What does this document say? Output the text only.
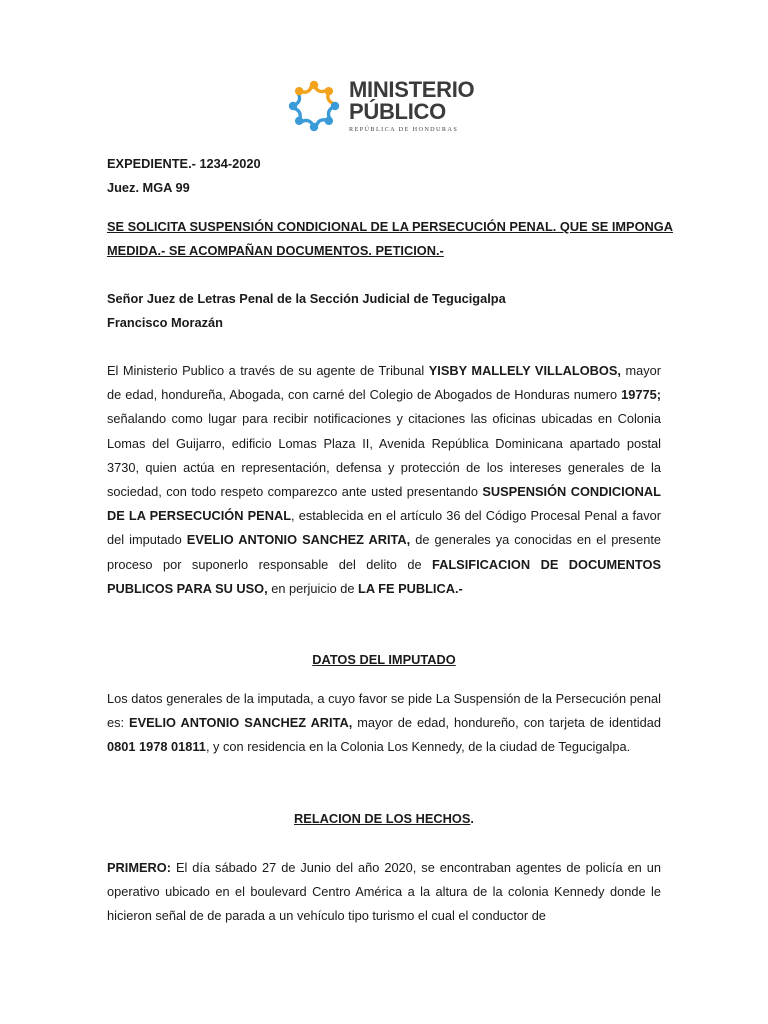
MINISTERIO
PÚBLICO
REPÚBLICA DE HONDURAS

EXPEDIENTE.- 1234-2020

Juez. MGA 99

SE SOLICITA SUSPENSIÓN CONDICIONAL DE LA PERSECUCIÓN PENAL. QUE SE IMPONGA

MEDIDA.- SE ACOMPAÑAN DOCUMENTOS. PETICION.-

Señor Juez de Letras Penal de la Sección Judicial de Tegucigalpa

Francisco Morazán

El Ministerio Publico a través de su agente de Tribunal YISBY MALLELY VILLALOBOS, mayor de edad, hondureña, Abogada, con carné del Colegio de Abogados de Honduras numero 19775; señalando como lugar para recibir notificaciones y citaciones las oficinas ubicadas en Colonia Lomas del Guijarro, edificio Lomas Plaza II, Avenida República Dominicana apartado postal 3730, quien actúa en representación, defensa y protección de los intereses generales de la sociedad, con todo respeto comparezco ante usted presentando SUSPENSIÓN CONDICIONAL DE LA PERSECUCIÓN PENAL, establecida en el artículo 36 del Código Procesal Penal a favor del imputado EVELIO ANTONIO SANCHEZ ARITA, de generales ya conocidas en el presente proceso por suponerlo responsable del delito de FALSIFICACION DE DOCUMENTOS PUBLICOS PARA SU USO, en perjuicio de LA FE PUBLICA.-

DATOS DEL IMPUTADO

Los datos generales de la imputada, a cuyo favor se pide La Suspensión de la Persecución penal es: EVELIO ANTONIO SANCHEZ ARITA, mayor de edad, hondureño, con tarjeta de identidad 0801 1978 01811, y con residencia en la Colonia Los Kennedy, de la ciudad de Tegucigalpa.

RELACION DE LOS HECHOS.

PRIMERO: El día sábado 27 de Junio del año 2020, se encontraban agentes de policía en un operativo ubicado en el boulevard Centro América a la altura de la colonia Kennedy donde le hicieron señal de de parada a un vehículo tipo turismo el cual el conductor de
